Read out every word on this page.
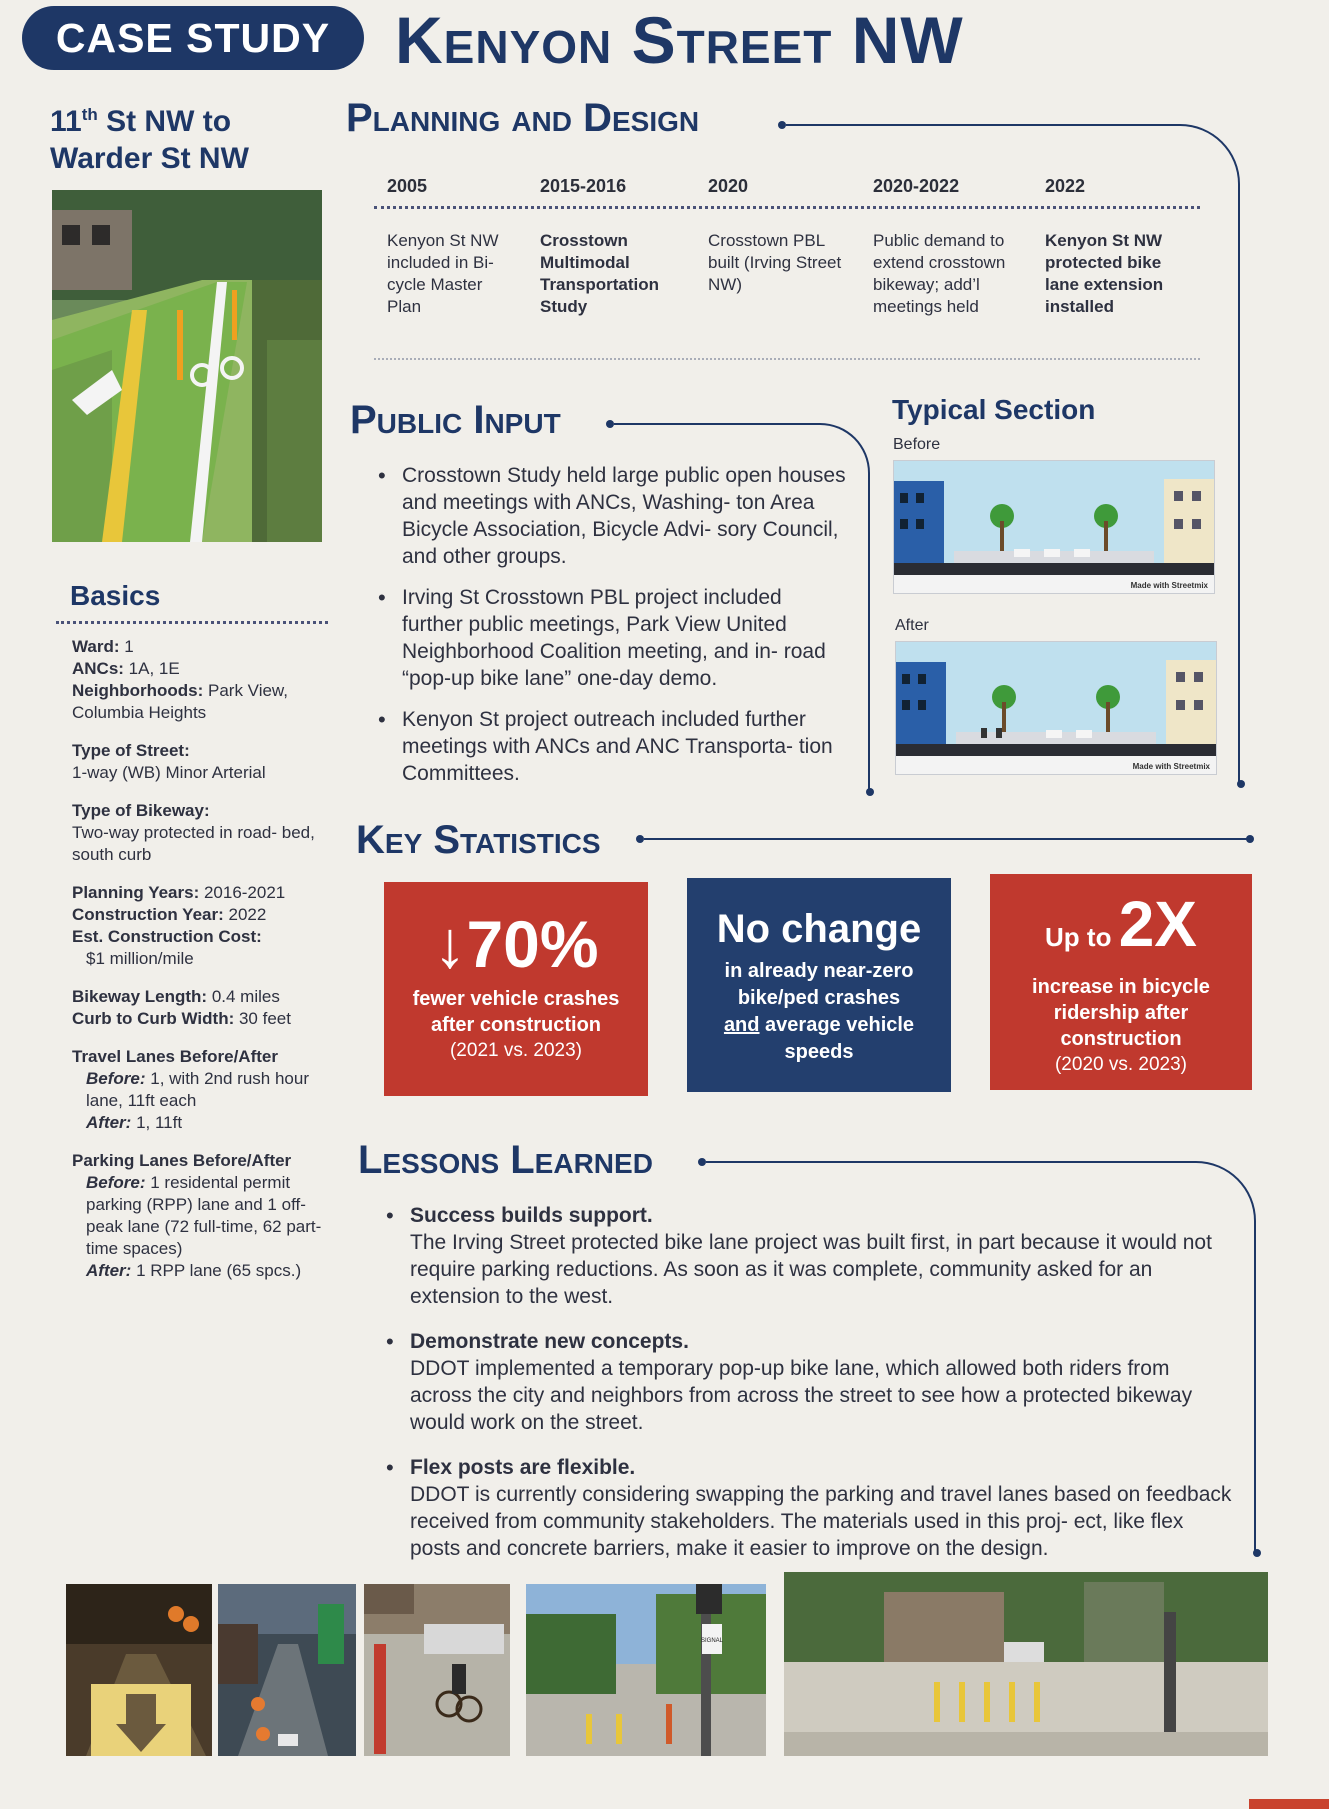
CASE STUDY Kenyon Street NW
11th St NW to
Warder St NW
Basics

Ward: 1
ANCs: 1A, 1E
Neighborhoods: Park View, Columbia Heights

Type of Street:
1-way (WB) Minor Arterial

Type of Bikeway:
Two-way protected in road- bed, south curb

Planning Years: 2016-2021
Construction Year: 2022
Est. Construction Cost:

$1 million/mile

Bikeway Length: 0.4 miles
Curb to Curb Width: 30 feet

Travel Lanes Before/After

Before: 1, with 2nd rush hour lane, 11ft each
After: 1, 11ft

Parking Lanes Before/After

Before: 1 residental permit parking (RPP) lane and 1 off-peak lane (72 full-time, 62 part-time spaces)
After: 1 RPP lane (65 spcs.)

Planning and Design
2005
Kenyon St NW included in Bi- cycle Master Plan
2015-2016
Crosstown Multimodal Transportation Study
2020
Crosstown PBL built (Irving Street NW)
2020-2022
Public demand to extend crosstown bikeway; add’l meetings held
2022
Kenyon St NW protected bike lane extension installed
Public Input
• Crosstown Study held large public open houses and meetings with ANCs, Washing- ton Area Bicycle Association, Bicycle Advi- sory Council, and other groups.
• Irving St Crosstown PBL project included further public meetings, Park View United Neighborhood Coalition meeting, and in- road “pop-up bike lane” one-day demo.
• Kenyon St project outreach included further meetings with ANCs and ANC Transporta- tion Committees.
Typical Section
Before
Made with Streetmix
After
Made with Streetmix
Key Statistics
↓70%
fewer vehicle crashes
after construction
(2021 vs. 2023)
No change
in already near-zero
bike/ped crashes
and average vehicle
speeds
Up to 2X
increase in bicycle
ridership after
construction
(2020 vs. 2023)
Lessons Learned
• Success builds support.
The Irving Street protected bike lane project was built first, in part because it would not require parking reductions. As soon as it was complete, community asked for an extension to the west.
• Demonstrate new concepts.
DDOT implemented a temporary pop-up bike lane, which allowed both riders from across the city and neighbors from across the street to see how a protected bikeway would work on the street.
• Flex posts are flexible.
DDOT is currently considering swapping the parking and travel lanes based on feedback received from community stakeholders. The materials used in this proj- ect, like flex posts and concrete barriers, make it easier to improve on the design.
SIGNAL
